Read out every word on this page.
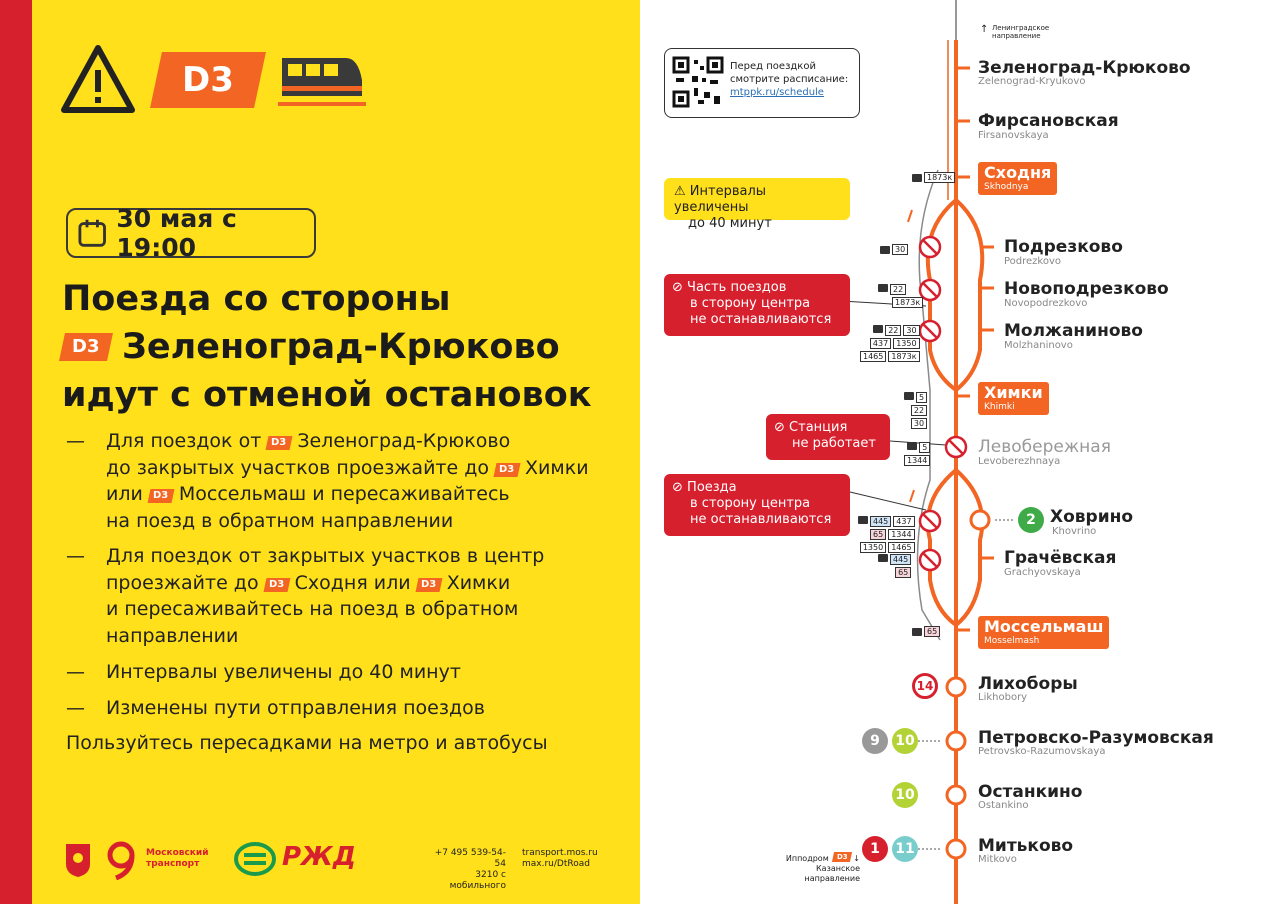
D3
30 мая с 19:00
Поезда со стороны
D3 Зеленоград-Крюково
идут с отменой остановок
— Для поездок от D3 Зеленоград-Крюково
до закрытых участков проезжайте до D3 Химки
или D3 Моссельмаш и пересаживайтесь
на поезд в обратном направлении
— Для поездок от закрытых участков в центр
проезжайте до D3 Сходня или D3 Химки
и пересаживайтесь на поезд в обратном
направлении
— Интервалы увеличены до 40 минут
— Изменены пути отправления поездов
Пользуйтесь пересадками на метро и автобусы
Московский
транспорт	РЖД	+7 495 539-54-54
3210 с мобильного
transport.mos.ru
max.ru/DtRoad
↑ Ленинградское
направление
Перед поездкой
смотрите расписание:
mtppk.ru/schedule
⚠ Интервалы увеличены
до 40 минут
⊘ Часть поездов
в сторону центра
не останавливаются
⊘ Станция
не работает
⊘ Поезда
в сторону центра
не останавливаются
Зеленоград-Крюково
Zelenograd-Kryukovo
Фирсановская
Firsanovskaya
Сходня
Skhodnya
Подрезково
Podrezkovo
Новоподрезково
Novopodrezkovo
Молжаниново
Molzhaninovo
Химки
Khimki
Левобережная
Levoberezhnaya
Ховрино
Khovrino
Грачёвская
Grachyovskaya
Моссельмаш
Mosselmash
Лихоборы
Likhobory
Петровско-Разумовская
Petrovsko-Razumovskaya
Останкино
Ostankino
Митьково
Mitkovo
2
14
9	10
10
1	11
1873к
30
22
1873к
22	30
437	1350
1465	1873к
5
22
30
5
1344
445	437
65	1344
1350	1465
445
65
65
Ипподром D3 ↓
Казанское
направление
